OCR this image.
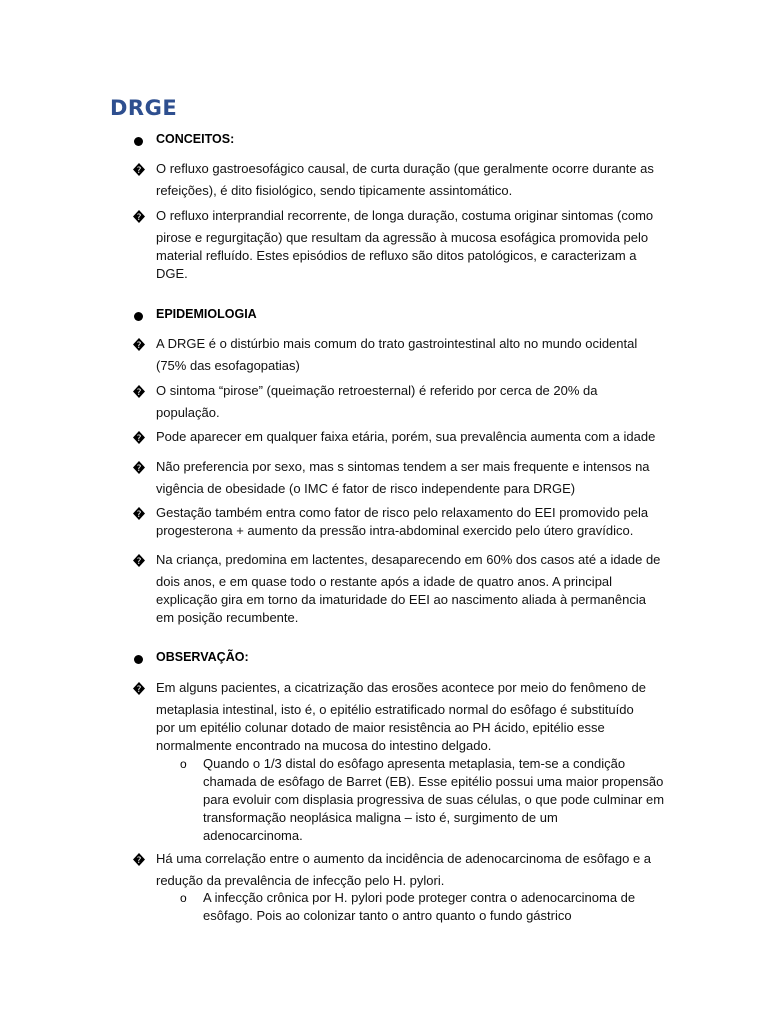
DRGE
CONCEITOS:
? O refluxo gastroesofágico causal, de curta duração (que geralmente ocorre durante as
refeições), é dito fisiológico, sendo tipicamente assintomático.
? O refluxo interprandial recorrente, de longa duração, costuma originar sintomas (como
pirose e regurgitação) que resultam da agressão à mucosa esofágica promovida pelo
material refluído. Estes episódios de refluxo são ditos patológicos, e caracterizam a
DGE.
EPIDEMIOLOGIA
? A DRGE é o distúrbio mais comum do trato gastrointestinal alto no mundo ocidental
(75% das esofagopatias)
? O sintoma “pirose” (queimação retroesternal) é referido por cerca de 20% da
população.
? Pode aparecer em qualquer faixa etária, porém, sua prevalência aumenta com a idade
? Não preferencia por sexo, mas s sintomas tendem a ser mais frequente e intensos na
vigência de obesidade (o IMC é fator de risco independente para DRGE)
? Gestação também entra como fator de risco pelo relaxamento do EEI promovido pela
progesterona + aumento da pressão intra-abdominal exercido pelo útero gravídico.
? Na criança, predomina em lactentes, desaparecendo em 60% dos casos até a idade de
dois anos, e em quase todo o restante após a idade de quatro anos. A principal
explicação gira em torno da imaturidade do EEI ao nascimento aliada à permanência
em posição recumbente.
OBSERVAÇÃO:
? Em alguns pacientes, a cicatrização das erosões acontece por meio do fenômeno de
metaplasia intestinal, isto é, o epitélio estratificado normal do esôfago é substituído
por um epitélio colunar dotado de maior resistência ao PH ácido, epitélio esse
normalmente encontrado na mucosa do intestino delgado.
o Quando o 1/3 distal do esôfago apresenta metaplasia, tem-se a condição
chamada de esôfago de Barret (EB). Esse epitélio possui uma maior propensão
para evoluir com displasia progressiva de suas células, o que pode culminar em
transformação neoplásica maligna – isto é, surgimento de um
adenocarcinoma.
? Há uma correlação entre o aumento da incidência de adenocarcinoma de esôfago e a
redução da prevalência de infecção pelo H. pylori.
o A infecção crônica por H. pylori pode proteger contra o adenocarcinoma de
esôfago. Pois ao colonizar tanto o antro quanto o fundo gástrico
